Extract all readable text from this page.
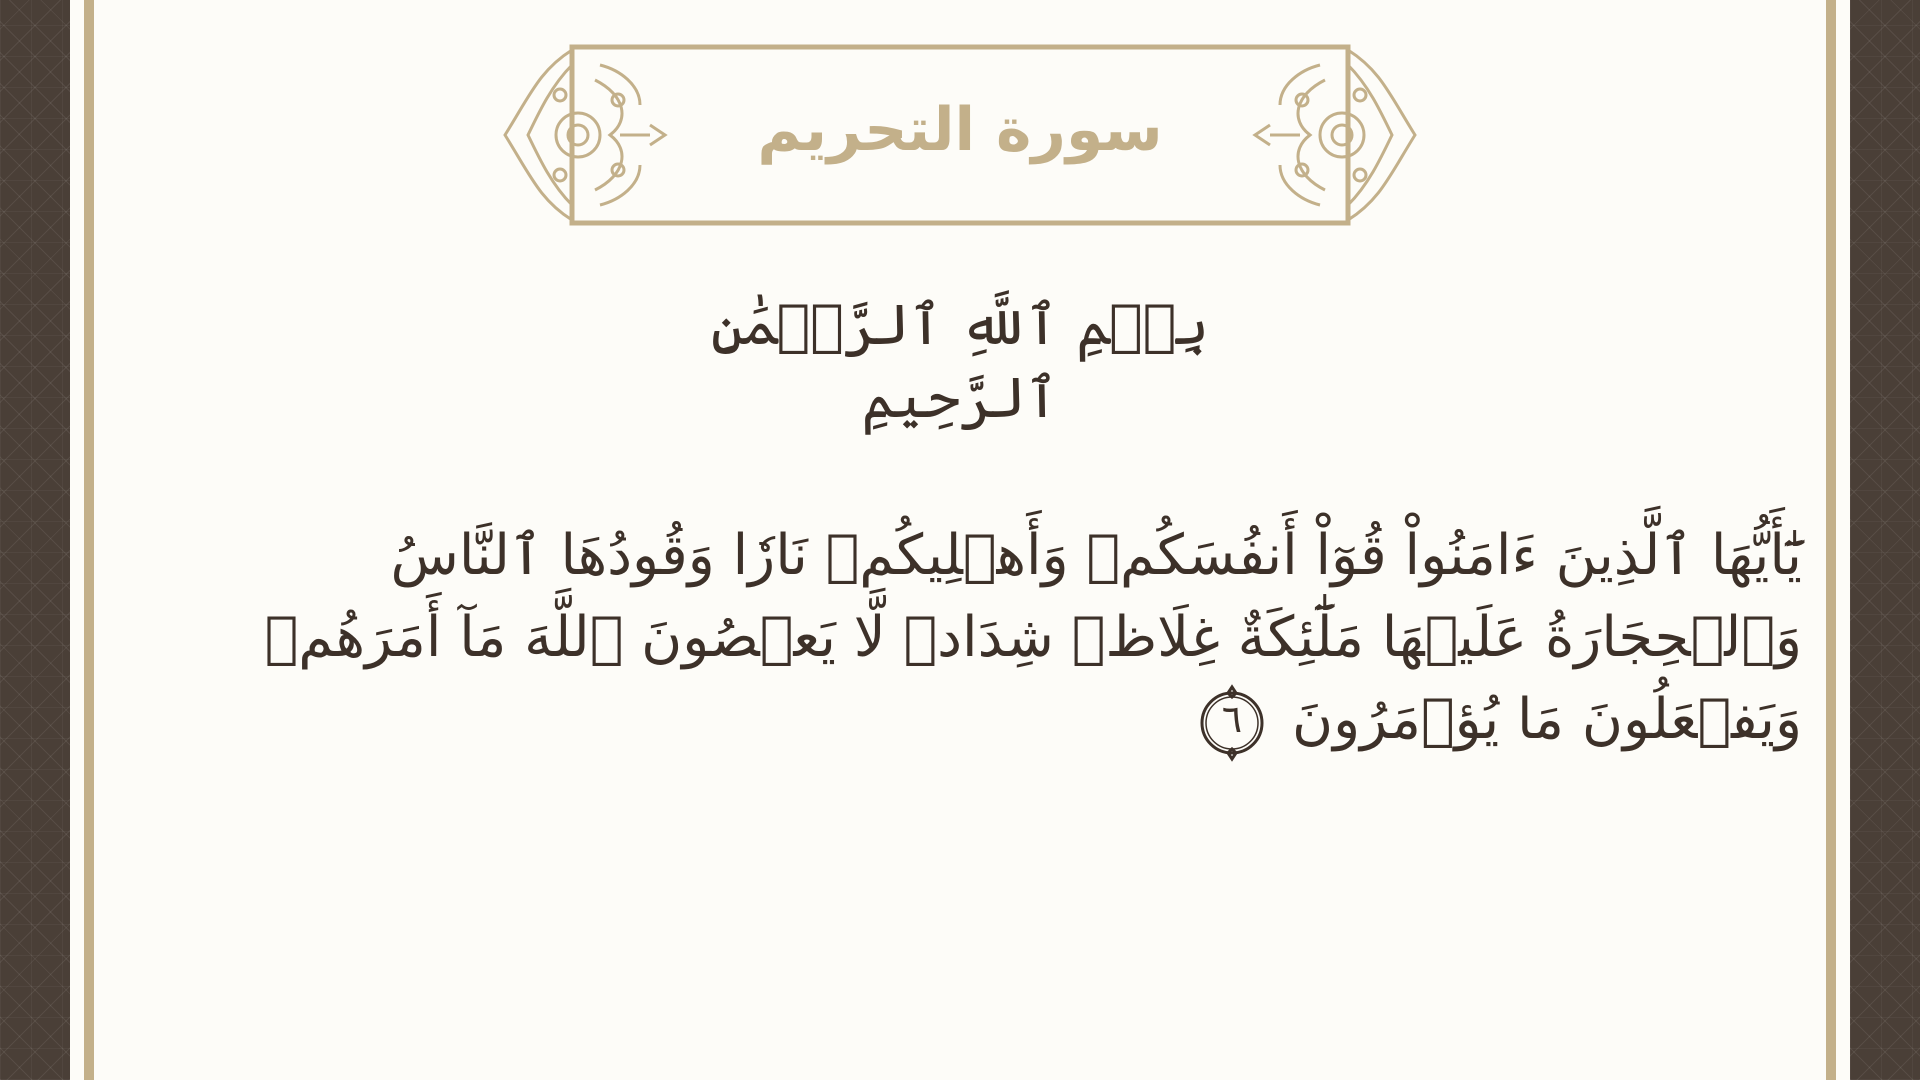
سورة التحريم
بِسۡمِ ٱللَّهِ ٱلرَّحۡمَٰنِ ٱلرَّحِيمِ
يَٰٓأَيُّهَا ٱلَّذِينَ ءَامَنُواْ قُوٓاْ أَنفُسَكُمۡ وَأَهۡلِيكُمۡ نَارٗا وَقُودُهَا ٱلنَّاسُ
وَٱلۡحِجَارَةُ عَلَيۡهَا مَلَٰٓئِكَةٌ غِلَاظٞ شِدَادٞ لَّا يَعۡصُونَ ٱللَّهَ مَآ أَمَرَهُمۡ
وَيَفۡعَلُونَ مَا يُؤۡمَرُونَ
٦
